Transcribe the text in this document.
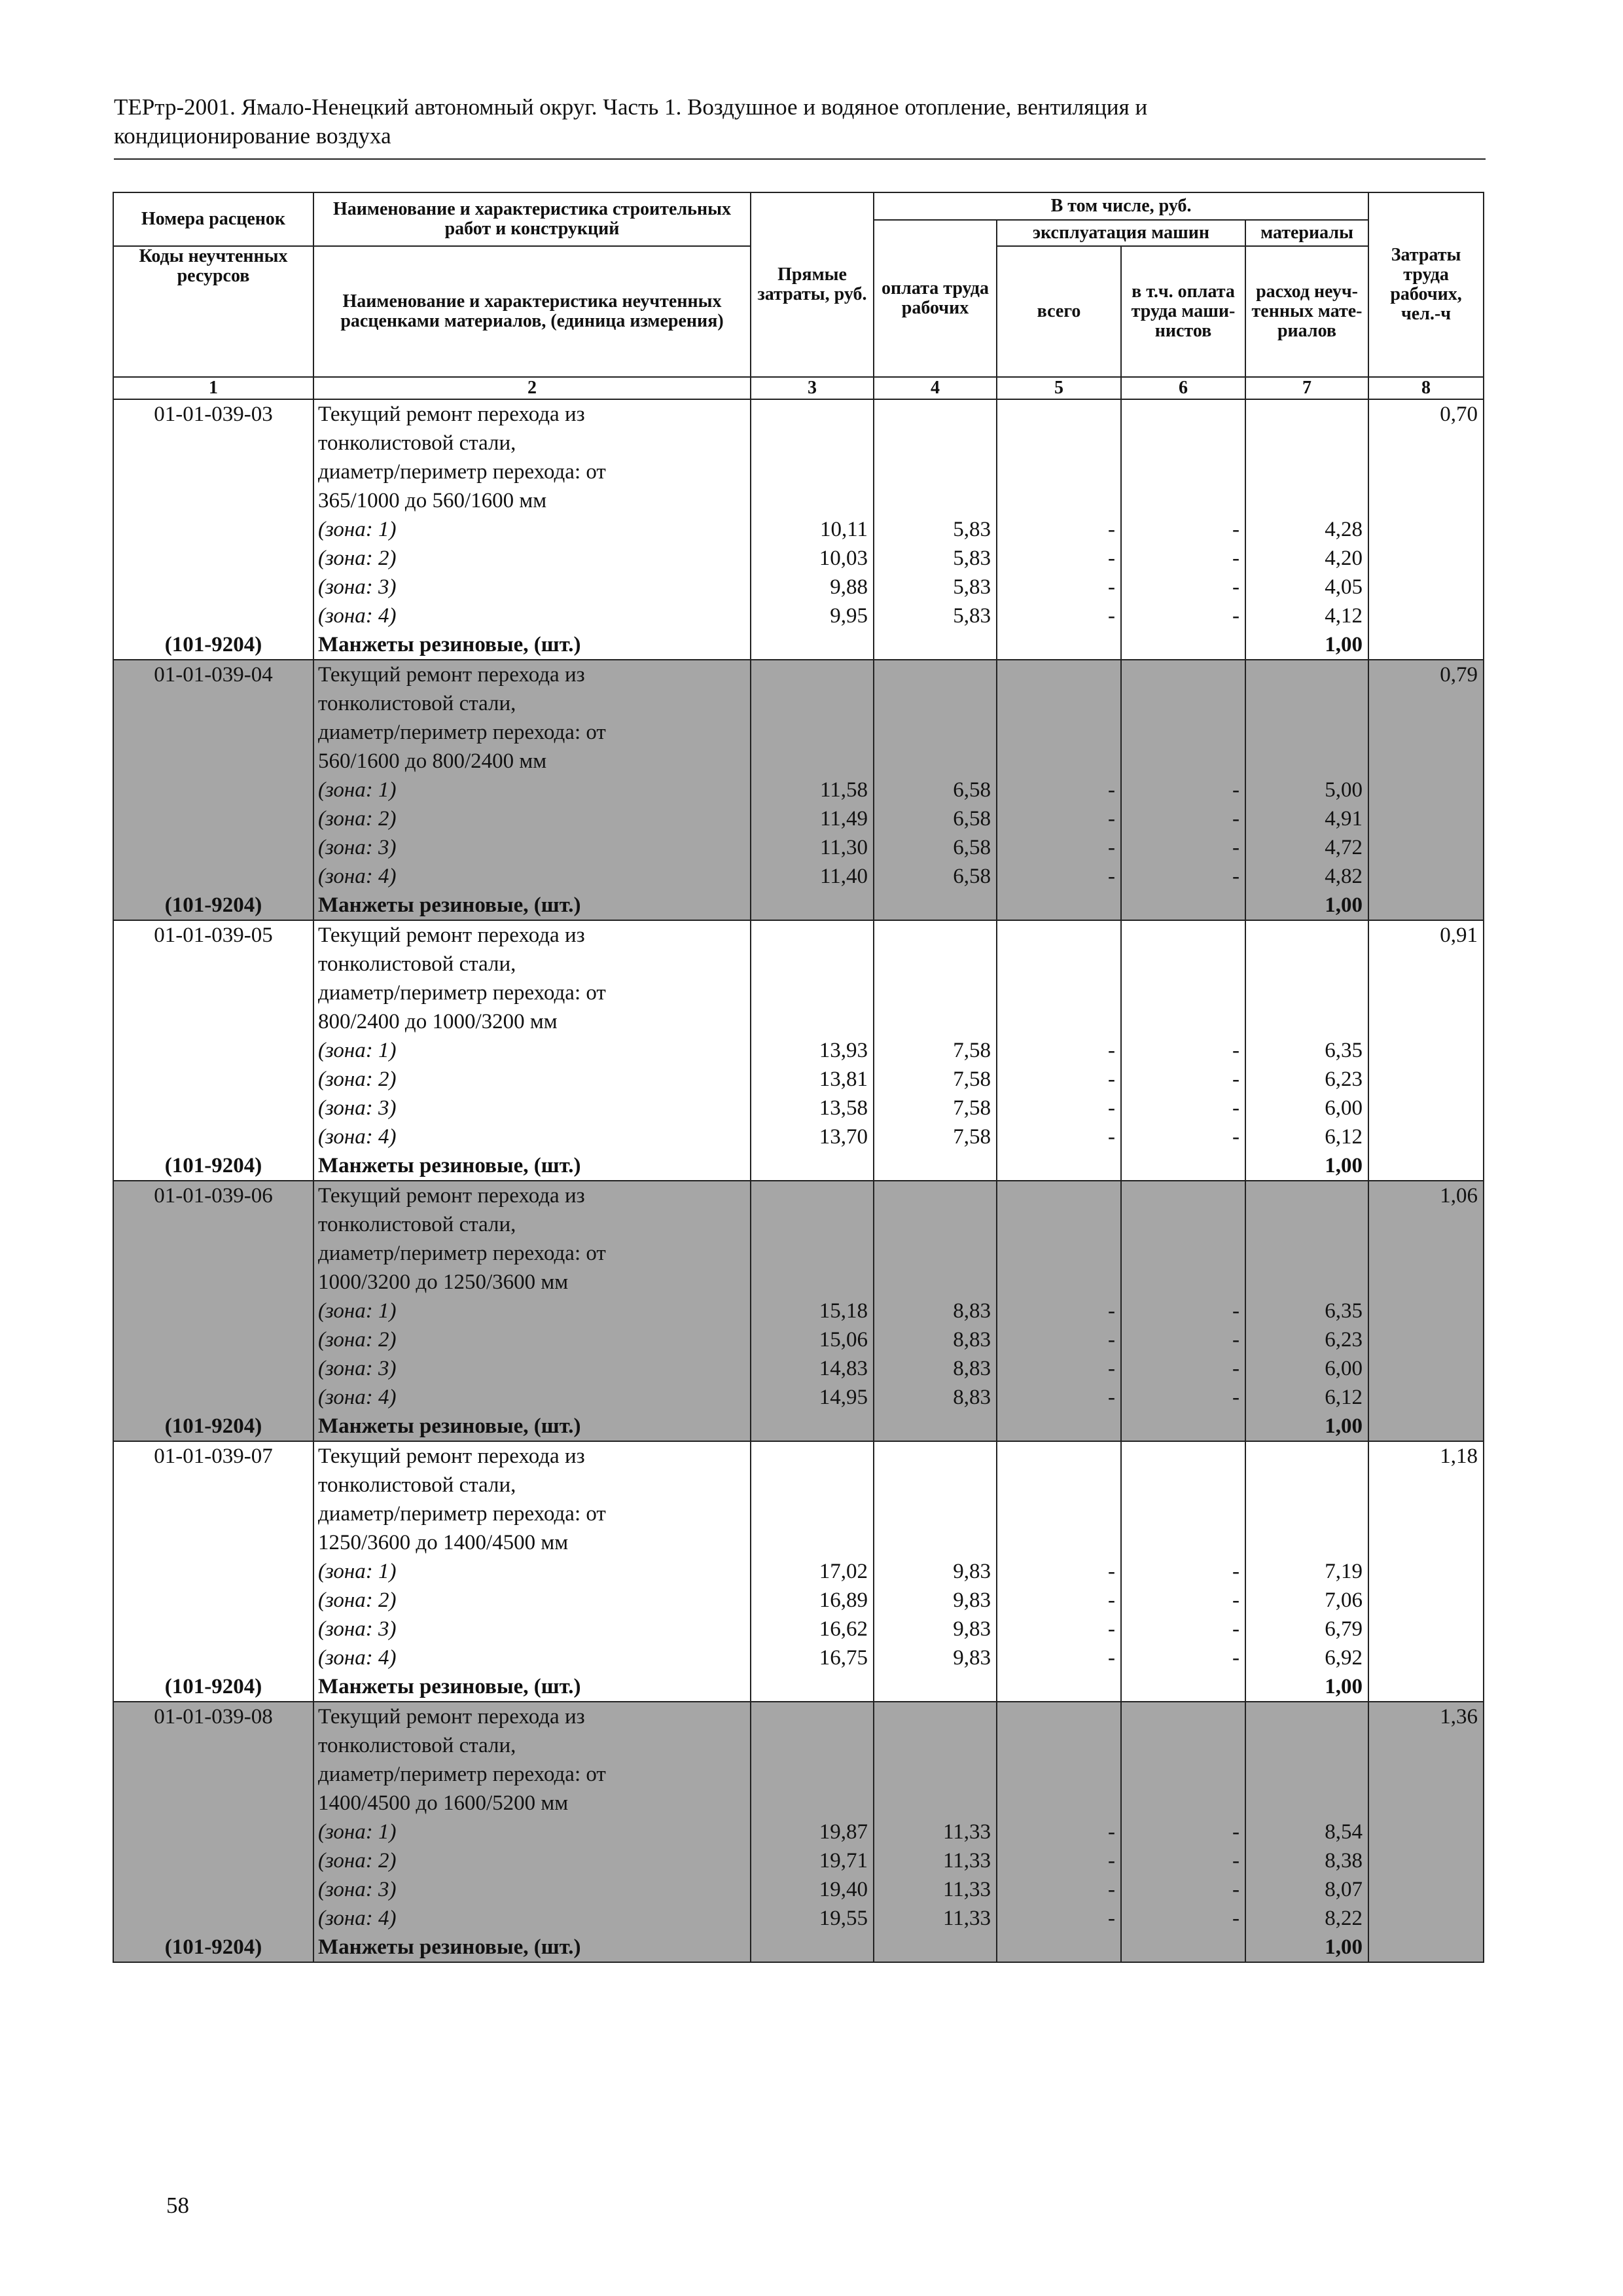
ТЕРтр-2001. Ямало-Ненецкий автономный округ. Часть 1. Воздушное и водяное отопление, вентиляция и
кондиционирование воздуха
Номера расценок	Наименование и характеристика строительных работ и конструкций	Прямые затраты, руб.	В том числе, руб.				Затраты труда рабочих, чел.-ч
			оплата труда рабочих	эксплуатация машин		материалы	
Коды неучтенных ресурсов	Наименование и характеристика неучтенных расценками материалов, (единица измерения)			всего	в т.ч. оплата труда маши-нистов	расход неуч-тенных мате-риалов	
1	2	3	4	5	6	7	8
01-01-039-03	Текущий ремонт перехода из						0,70
	тонколистовой стали,						
	диаметр/периметр перехода: от						
	365/1000 до 560/1600 мм						
	(зона: 1)	10,11	5,83	-	-	4,28	
	(зона: 2)	10,03	5,83	-	-	4,20	
	(зона: 3)	9,88	5,83	-	-	4,05	
	(зона: 4)	9,95	5,83	-	-	4,12	
(101-9204)	Манжеты резиновые, (шт.)					1,00	
01-01-039-04	Текущий ремонт перехода из						0,79
	тонколистовой стали,						
	диаметр/периметр перехода: от						
	560/1600 до 800/2400 мм						
	(зона: 1)	11,58	6,58	-	-	5,00	
	(зона: 2)	11,49	6,58	-	-	4,91	
	(зона: 3)	11,30	6,58	-	-	4,72	
	(зона: 4)	11,40	6,58	-	-	4,82	
(101-9204)	Манжеты резиновые, (шт.)					1,00	
01-01-039-05	Текущий ремонт перехода из						0,91
	тонколистовой стали,						
	диаметр/периметр перехода: от						
	800/2400 до 1000/3200 мм						
	(зона: 1)	13,93	7,58	-	-	6,35	
	(зона: 2)	13,81	7,58	-	-	6,23	
	(зона: 3)	13,58	7,58	-	-	6,00	
	(зона: 4)	13,70	7,58	-	-	6,12	
(101-9204)	Манжеты резиновые, (шт.)					1,00	
01-01-039-06	Текущий ремонт перехода из						1,06
	тонколистовой стали,						
	диаметр/периметр перехода: от						
	1000/3200 до 1250/3600 мм						
	(зона: 1)	15,18	8,83	-	-	6,35	
	(зона: 2)	15,06	8,83	-	-	6,23	
	(зона: 3)	14,83	8,83	-	-	6,00	
	(зона: 4)	14,95	8,83	-	-	6,12	
(101-9204)	Манжеты резиновые, (шт.)					1,00	
01-01-039-07	Текущий ремонт перехода из						1,18
	тонколистовой стали,						
	диаметр/периметр перехода: от						
	1250/3600 до 1400/4500 мм						
	(зона: 1)	17,02	9,83	-	-	7,19	
	(зона: 2)	16,89	9,83	-	-	7,06	
	(зона: 3)	16,62	9,83	-	-	6,79	
	(зона: 4)	16,75	9,83	-	-	6,92	
(101-9204)	Манжеты резиновые, (шт.)					1,00	
01-01-039-08	Текущий ремонт перехода из						1,36
	тонколистовой стали,						
	диаметр/периметр перехода: от						
	1400/4500 до 1600/5200 мм						
	(зона: 1)	19,87	11,33	-	-	8,54	
	(зона: 2)	19,71	11,33	-	-	8,38	
	(зона: 3)	19,40	11,33	-	-	8,07	
	(зона: 4)	19,55	11,33	-	-	8,22	
(101-9204)	Манжеты резиновые, (шт.)					1,00	
58
